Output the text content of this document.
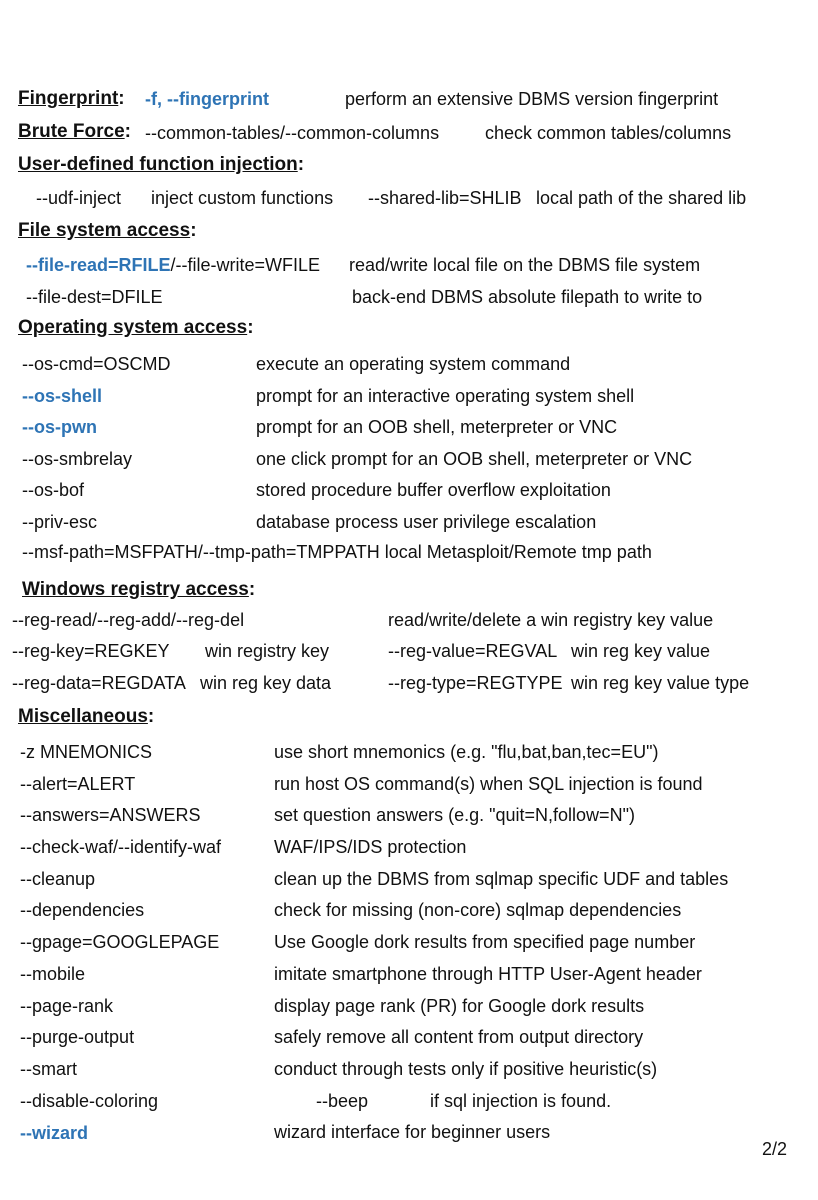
Fingerprint: -f, --fingerprint	perform an extensive DBMS version fingerprint
Brute Force: --common-tables/--common-columns	check common tables/columns
User-defined function injection:
--udf-inject inject custom functions --shared-lib=SHLIB local path of the shared lib
File system access:
--file-read=RFILE/--file-write=WFILE read/write local file on the DBMS file system
--file-dest=DFILE	back-end DBMS absolute filepath to write to
Operating system access:
--os-cmd=OSCMD	execute an operating system command
--os-shell	prompt for an interactive operating system shell
--os-pwn	prompt for an OOB shell, meterpreter or VNC
--os-smbrelay	one click prompt for an OOB shell, meterpreter or VNC
--os-bof	stored procedure buffer overflow exploitation
--priv-esc	database process user privilege escalation
--msf-path=MSFPATH/--tmp-path=TMPPATH local Metasploit/Remote tmp path
Windows registry access:
--reg-read/--reg-add/--reg-del	read/write/delete a win registry key value
--reg-key=REGKEY win registry key	--reg-value=REGVAL win reg key value
--reg-data=REGDATA win reg key data	--reg-type=REGTYPE win reg key value type
Miscellaneous:
-z MNEMONICS	use short mnemonics (e.g. "flu,bat,ban,tec=EU")
--alert=ALERT	run host OS command(s) when SQL injection is found
--answers=ANSWERS	set question answers (e.g. "quit=N,follow=N")
--check-waf/--identify-waf	WAF/IPS/IDS protection
--cleanup	clean up the DBMS from sqlmap specific UDF and tables
--dependencies	check for missing (non-core) sqlmap dependencies
--gpage=GOOGLEPAGE	Use Google dork results from specified page number
--mobile	imitate smartphone through HTTP User-Agent header
--page-rank	display page rank (PR) for Google dork results
--purge-output	safely remove all content from output directory
--smart	conduct through tests only if positive heuristic(s)
--disable-coloring	--beep	if sql injection is found.
--wizard	wizard interface for beginner users
2/2
